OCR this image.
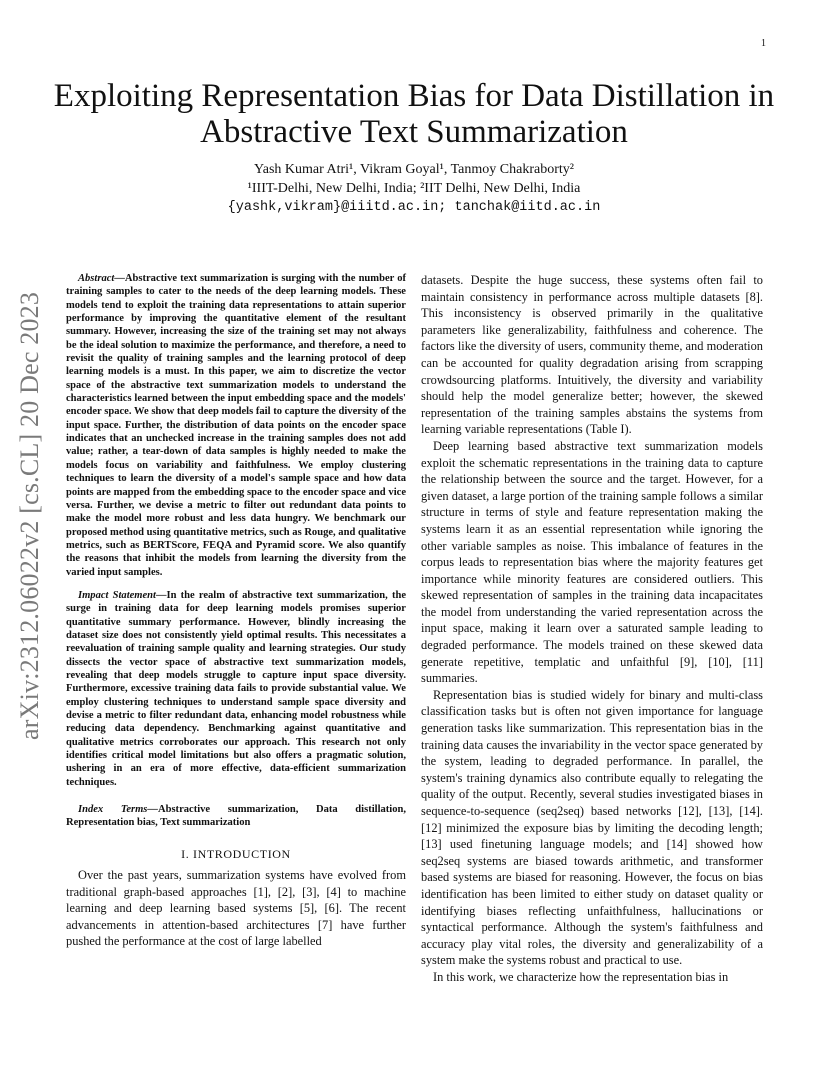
1
arXiv:2312.06022v2 [cs.CL] 20 Dec 2023
Exploiting Representation Bias for Data Distillation in Abstractive Text Summarization
Yash Kumar Atri¹, Vikram Goyal¹, Tanmoy Chakraborty²
¹IIIT-Delhi, New Delhi, India; ²IIT Delhi, New Delhi, India
{yashk,vikram}@iiitd.ac.in; tanchak@iitd.ac.in

Abstract—Abstractive text summarization is surging with the number of training samples to cater to the needs of the deep learning models. These models tend to exploit the training data representations to attain superior performance by improving the quantitative element of the resultant summary. However, increasing the size of the training set may not always be the ideal solution to maximize the performance, and therefore, a need to revisit the quality of training samples and the learning protocol of deep learning models is a must. In this paper, we aim to discretize the vector space of the abstractive text summarization models to understand the characteristics learned between the input embedding space and the models' encoder space. We show that deep models fail to capture the diversity of the input space. Further, the distribution of data points on the encoder space indicates that an unchecked increase in the training samples does not add value; rather, a tear-down of data samples is highly needed to make the models focus on variability and faithfulness. We employ clustering techniques to learn the diversity of a model's sample space and how data points are mapped from the embedding space to the encoder space and vice versa. Further, we devise a metric to filter out redundant data points to make the model more robust and less data hungry. We benchmark our proposed method using quantitative metrics, such as Rouge, and qualitative metrics, such as BERTScore, FEQA and Pyramid score. We also quantify the reasons that inhibit the models from learning the diversity from the varied input samples.

Impact Statement—In the realm of abstractive text summarization, the surge in training data for deep learning models promises superior quantitative summary performance. However, blindly increasing the dataset size does not consistently yield optimal results. This necessitates a reevaluation of training sample quality and learning strategies. Our study dissects the vector space of abstractive text summarization models, revealing that deep models struggle to capture input space diversity. Furthermore, excessive training data fails to provide substantial value. We employ clustering techniques to understand sample space diversity and devise a metric to filter redundant data, enhancing model robustness while reducing data dependency. Benchmarking against quantitative and qualitative metrics corroborates our approach. This research not only identifies critical model limitations but also offers a pragmatic solution, ushering in an era of more effective, data-efficient summarization techniques.

Index Terms—Abstractive summarization, Data distillation, Representation bias, Text summarization

I. INTRODUCTION

Over the past years, summarization systems have evolved from traditional graph-based approaches [1], [2], [3], [4] to machine learning and deep learning based systems [5], [6]. The recent advancements in attention-based architectures [7] have further pushed the performance at the cost of large labelled

datasets. Despite the huge success, these systems often fail to maintain consistency in performance across multiple datasets [8]. This inconsistency is observed primarily in the qualitative parameters like generalizability, faithfulness and coherence. The factors like the diversity of users, community theme, and moderation can be accounted for quality degradation arising from scrapping crowdsourcing platforms. Intuitively, the diversity and variability should help the model generalize better; however, the skewed representation of the training samples abstains the systems from learning variable representations (Table I).

Deep learning based abstractive text summarization models exploit the schematic representations in the training data to capture the relationship between the source and the target. However, for a given dataset, a large portion of the training sample follows a similar structure in terms of style and feature representation making the systems learn it as an essential representation while ignoring the other variable samples as noise. This imbalance of features in the corpus leads to representation bias where the majority features get importance while minority features are considered outliers. This skewed representation of samples in the training data incapacitates the model from understanding the varied representation across the input space, making it learn over a saturated sample leading to degraded performance. The models trained on these skewed data generate repetitive, templatic and unfaithful [9], [10], [11] summaries.

Representation bias is studied widely for binary and multi-class classification tasks but is often not given importance for language generation tasks like summarization. This representation bias in the training data causes the invariability in the vector space generated by the system, leading to degraded performance. In parallel, the system's training dynamics also contribute equally to relegating the quality of the output. Recently, several studies investigated biases in sequence-to-sequence (seq2seq) based networks [12], [13], [14]. [12] minimized the exposure bias by limiting the decoding length; [13] used finetuning language models; and [14] showed how seq2seq systems are biased towards arithmetic, and transformer based systems are biased for reasoning. However, the focus on bias identification has been limited to either study on dataset quality or identifying biases reflecting unfaithfulness, hallucinations or syntactical performance. Although the system's faithfulness and accuracy play vital roles, the diversity and generalizability of a system make the systems robust and practical to use.

In this work, we characterize how the representation bias in
